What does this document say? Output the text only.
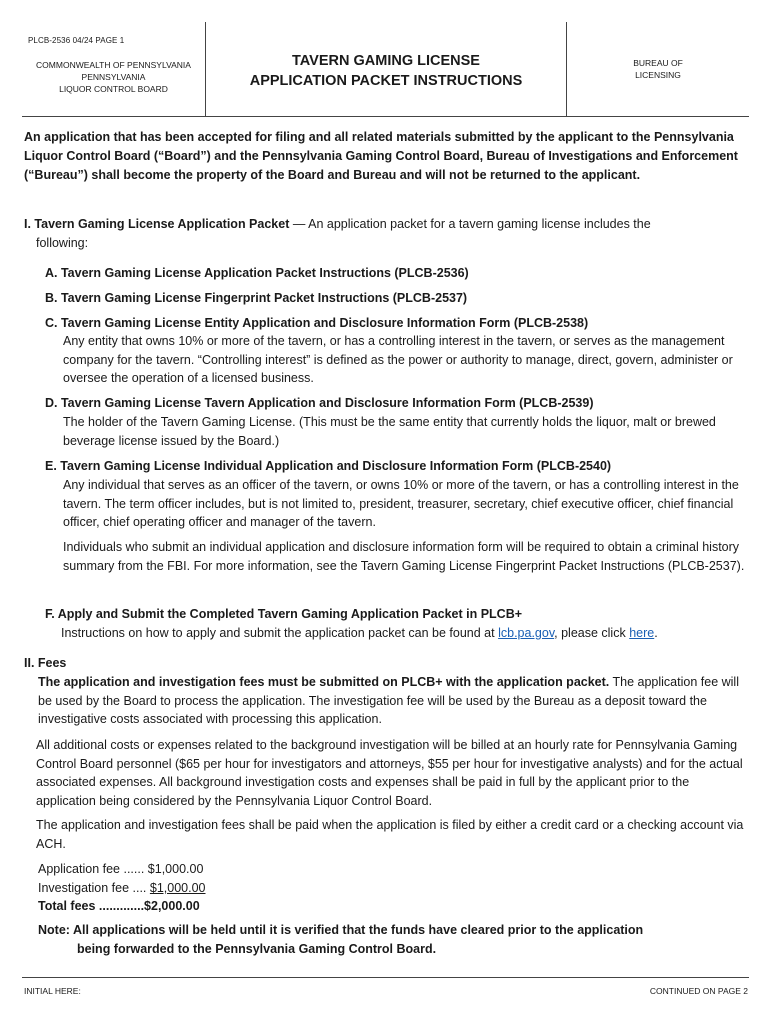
PLCB-2536 04/24 PAGE 1
COMMONWEALTH OF PENNSYLVANIA
PENNSYLVANIA
LIQUOR CONTROL BOARD
TAVERN GAMING LICENSE
APPLICATION PACKET INSTRUCTIONS
BUREAU OF
LICENSING

An application that has been accepted for filing and all related materials submitted by the applicant to the Pennsylvania Liquor Control Board (“Board”) and the Pennsylvania Gaming Control Board, Bureau of Investigations and Enforcement (“Bureau”) shall become the property of the Board and Bureau and will not be returned to the applicant.

I. Tavern Gaming License Application Packet — An application packet for a tavern gaming license includes the
following:

A. Tavern Gaming License Application Packet Instructions (PLCB-2536)

B. Tavern Gaming License Fingerprint Packet Instructions (PLCB-2537)

C. Tavern Gaming License Entity Application and Disclosure Information Form (PLCB-2538)

Any entity that owns 10% or more of the tavern, or has a controlling interest in the tavern, or serves as the management company for the tavern. “Controlling interest” is defined as the power or authority to manage, direct, govern, administer or oversee the operation of a licensed business.

D. Tavern Gaming License Tavern Application and Disclosure Information Form (PLCB-2539)

The holder of the Tavern Gaming License. (This must be the same entity that currently holds the liquor, malt or brewed beverage license issued by the Board.)

E. Tavern Gaming License Individual Application and Disclosure Information Form (PLCB-2540)

Any individual that serves as an officer of the tavern, or owns 10% or more of the tavern, or has a controlling interest in the tavern. The term officer includes, but is not limited to, president, treasurer, secretary, chief executive officer, chief financial officer, chief operating officer and manager of the tavern.

Individuals who submit an individual application and disclosure information form will be required to obtain a criminal history summary from the FBI. For more information, see the Tavern Gaming License Fingerprint Packet Instructions (PLCB-2537).

F. Apply and Submit the Completed Tavern Gaming Application Packet in PLCB+

Instructions on how to apply and submit the application packet can be found at lcb.pa.gov, please click here.

II. Fees

The application and investigation fees must be submitted on PLCB+ with the application packet. The application fee will be used by the Board to process the application. The investigation fee will be used by the Bureau as a deposit toward the investigative costs associated with processing this application.

All additional costs or expenses related to the background investigation will be billed at an hourly rate for Pennsylvania Gaming Control Board personnel ($65 per hour for investigators and attorneys, $55 per hour for investigative analysts) and for the actual associated expenses. All background investigation costs and expenses shall be paid in full by the applicant prior to the application being considered by the Pennsylvania Liquor Control Board.

The application and investigation fees shall be paid when the application is filed by either a credit card or a checking account via ACH.

Application fee ...... $1,000.00

Investigation fee .... $1,000.00

Total fees .............$2,000.00

Note: All applications will be held until it is verified that the funds have cleared prior to the application
being forwarded to the Pennsylvania Gaming Control Board.

INITIAL HERE:	CONTINUED ON PAGE 2
